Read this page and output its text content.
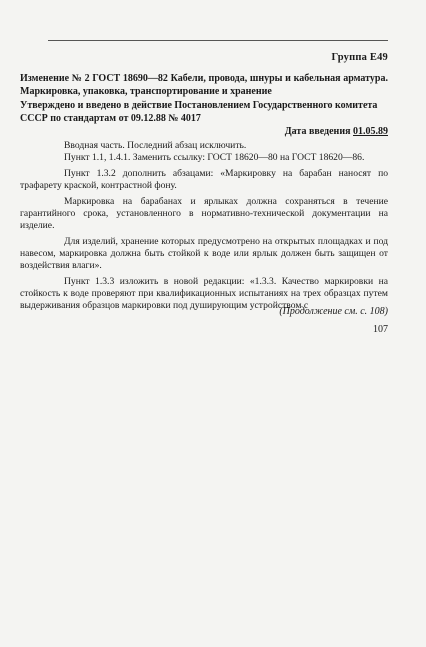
Группа Е49
Изменение № 2 ГОСТ 18690—82 Кабели, провода, шнуры и кабельная арматура. Маркировка, упаковка, транспортирование и хранение
Утверждено и введено в действие Постановлением Государственного комитета СССР по стандартам от 09.12.88 № 4017
Дата введения 01.05.89

Вводная часть. Последний абзац исключить.

Пункт 1.1, 1.4.1. Заменить ссылку: ГОСТ 18620—80 на ГОСТ 18620—86.

Пункт 1.3.2 дополнить абзацами: «Маркировку на барабан наносят по трафарету краской, контрастной фону.

Маркировка на барабанах и ярлыках должна сохраняться в течение гарантийного срока, установленного в нормативно-технической документации на изделие.

Для изделий, хранение которых предусмотрено на открытых площадках и под навесом, маркировка должна быть стойкой к воде или ярлык должен быть защищен от воздействия влаги».

Пункт 1.3.3 изложить в новой редакции: «1.3.3. Качество маркировки на стойкость к воде проверяют при квалификационных испытаниях на трех образцах путем выдерживания образцов маркировки под душирующим устройством с

(Продолжение см. с. 108)
107
